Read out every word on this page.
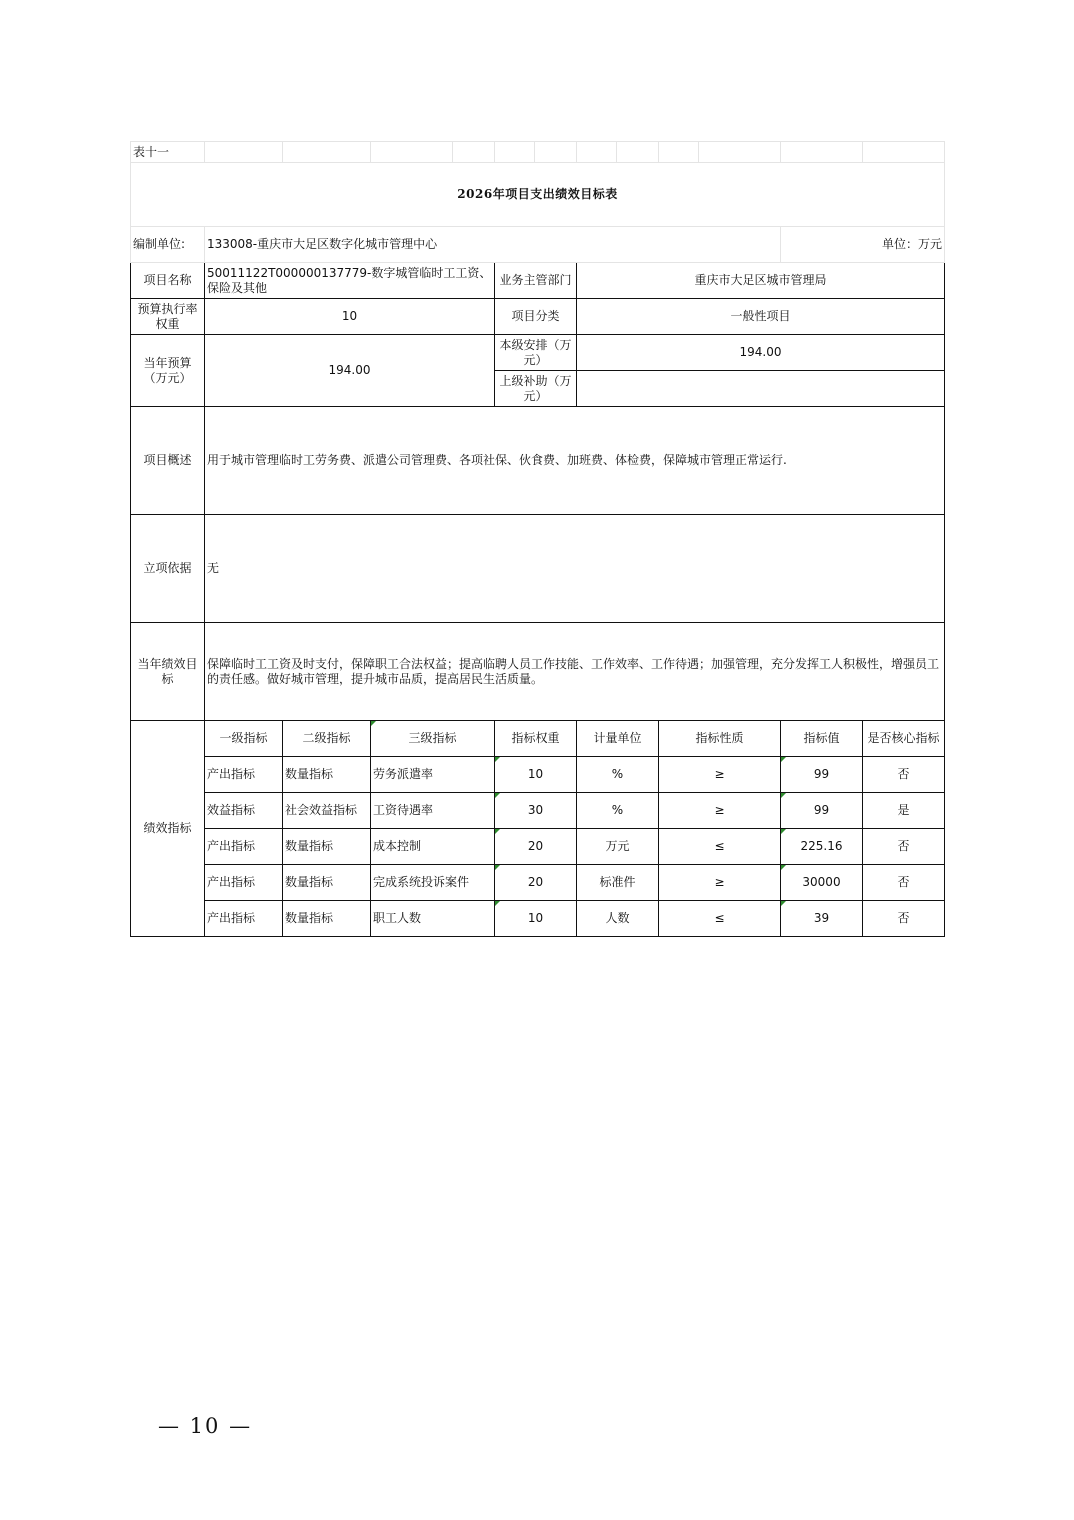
表十一												
2026年项目支出绩效目标表												
编制单位:	133008-重庆市大足区数字化城市管理中心										单位：万元	
项目名称	50011122T000000137779-数字城管临时工工资、保险及其他				业务主管部门		重庆市大足区城市管理局					
预算执行率权重	10				项目分类		一般性项目					
当年预算（万元）	194.00				本级安排（万元）		194.00					
					上级补助（万元）							
项目概述	用于城市管理临时工劳务费、派遣公司管理费、各项社保、伙食费、加班费、体检费，保障城市管理正常运行.											
立项依据	无											
当年绩效目标	保障临时工工资及时支付，保障职工合法权益；提高临聘人员工作技能、工作效率、工作待遇；加强管理，充分发挥工人积极性，增强员工的责任感。做好城市管理，提升城市品质，提高居民生活质量。											
绩效指标	一级指标	二级指标	三级指标		指标权重		计量单位		指标性质		指标值	是否核心指标
	产出指标	数量指标	劳务派遣率		10		%		≥		99	否
	效益指标	社会效益指标	工资待遇率		30		%		≥		99	是
	产出指标	数量指标	成本控制		20		万元		≤		225.16	否
	产出指标	数量指标	完成系统投诉案件		20		标准件		≥		30000	否
	产出指标	数量指标	职工人数		10		人数		≤		39	否
— 10 —
